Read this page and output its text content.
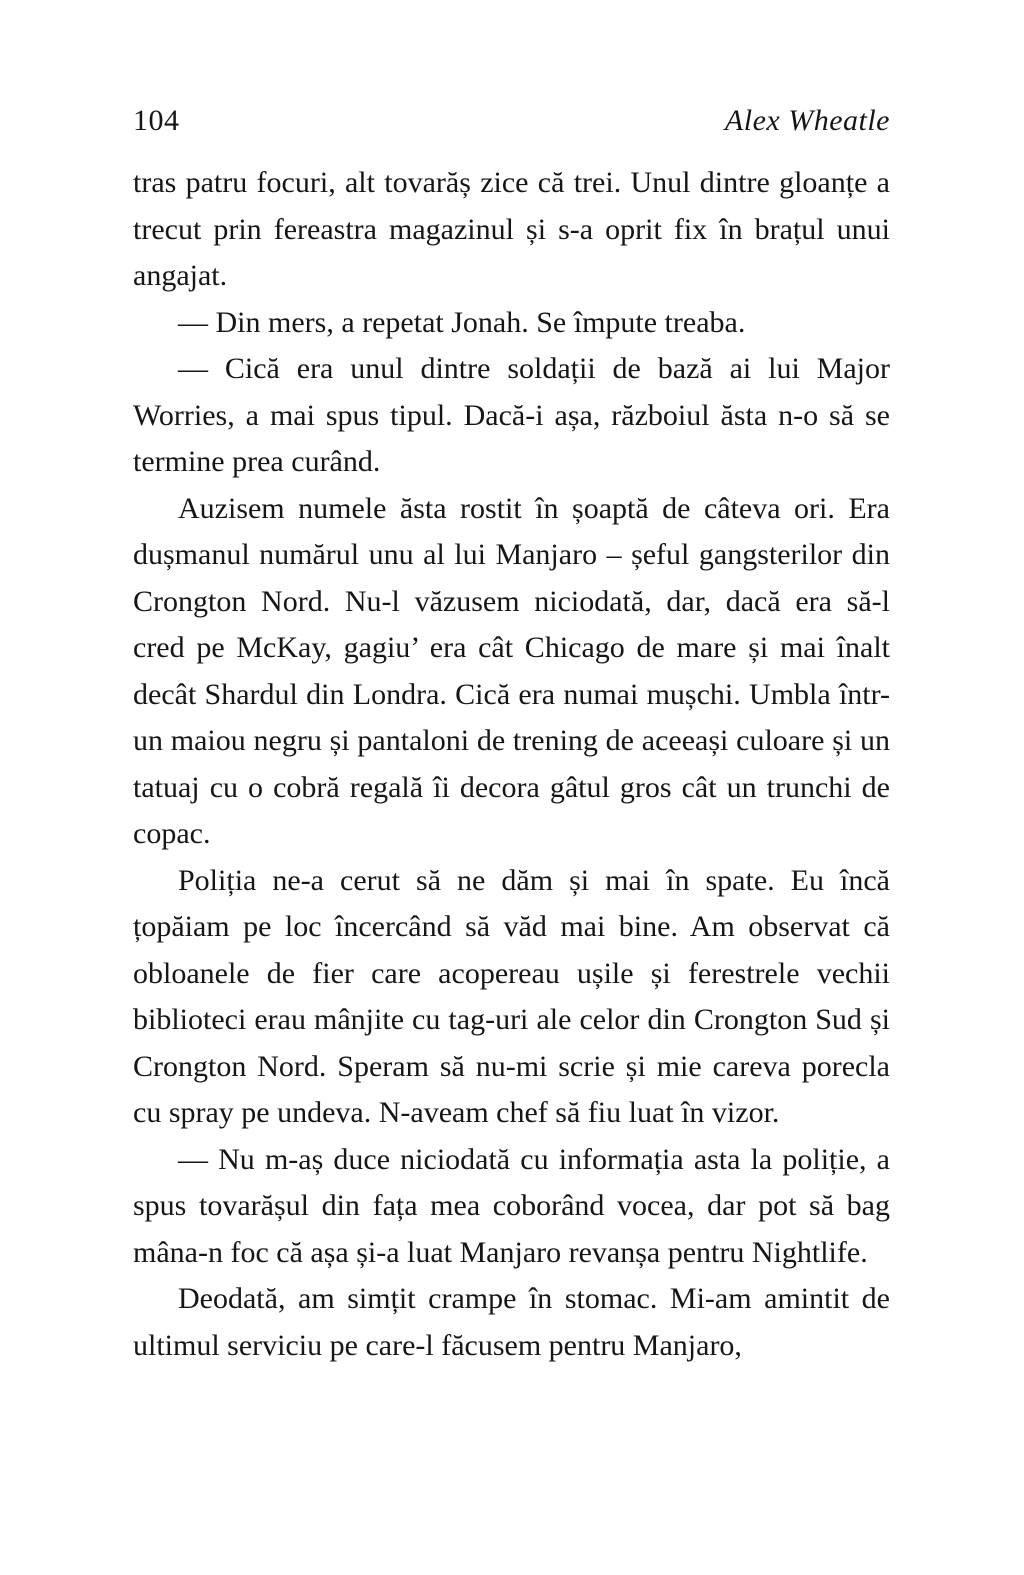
104	Alex Wheatle

tras patru focuri, alt tovarăș zice că trei. Unul dintre gloanțe a trecut prin fereastra magazinul și s-a oprit fix în brațul unui angajat.

— Din mers, a repetat Jonah. Se împute treaba.

— Cică era unul dintre soldații de bază ai lui Major Worries, a mai spus tipul. Dacă-i așa, războiul ăsta n-o să se termine prea curând.

Auzisem numele ăsta rostit în șoaptă de câteva ori. Era dușmanul numărul unu al lui Manjaro – șeful gangsterilor din Crongton Nord. Nu-l văzusem niciodată, dar, dacă era să-l cred pe McKay, gagiu’ era cât Chicago de mare și mai înalt decât Shardul din Londra. Cică era numai mușchi. Umbla într-un maiou negru și pantaloni de trening de aceeași culoare și un tatuaj cu o cobră regală îi decora gâtul gros cât un trunchi de copac.

Poliția ne-a cerut să ne dăm și mai în spate. Eu încă țopăiam pe loc încercând să văd mai bine. Am observat că obloanele de fier care acopereau ușile și ferestrele vechii biblioteci erau mânjite cu tag-uri ale celor din Crongton Sud și Crongton Nord. Speram să nu-mi scrie și mie careva porecla cu spray pe undeva. N-aveam chef să fiu luat în vizor.

— Nu m-aș duce niciodată cu informația asta la poliție, a spus tovarășul din fața mea coborând vocea, dar pot să bag mâna-n foc că așa și-a luat Manjaro revanșa pentru Nightlife.

Deodată, am simțit crampe în stomac. Mi-am amintit de ultimul serviciu pe care-l făcusem pentru Manjaro,
